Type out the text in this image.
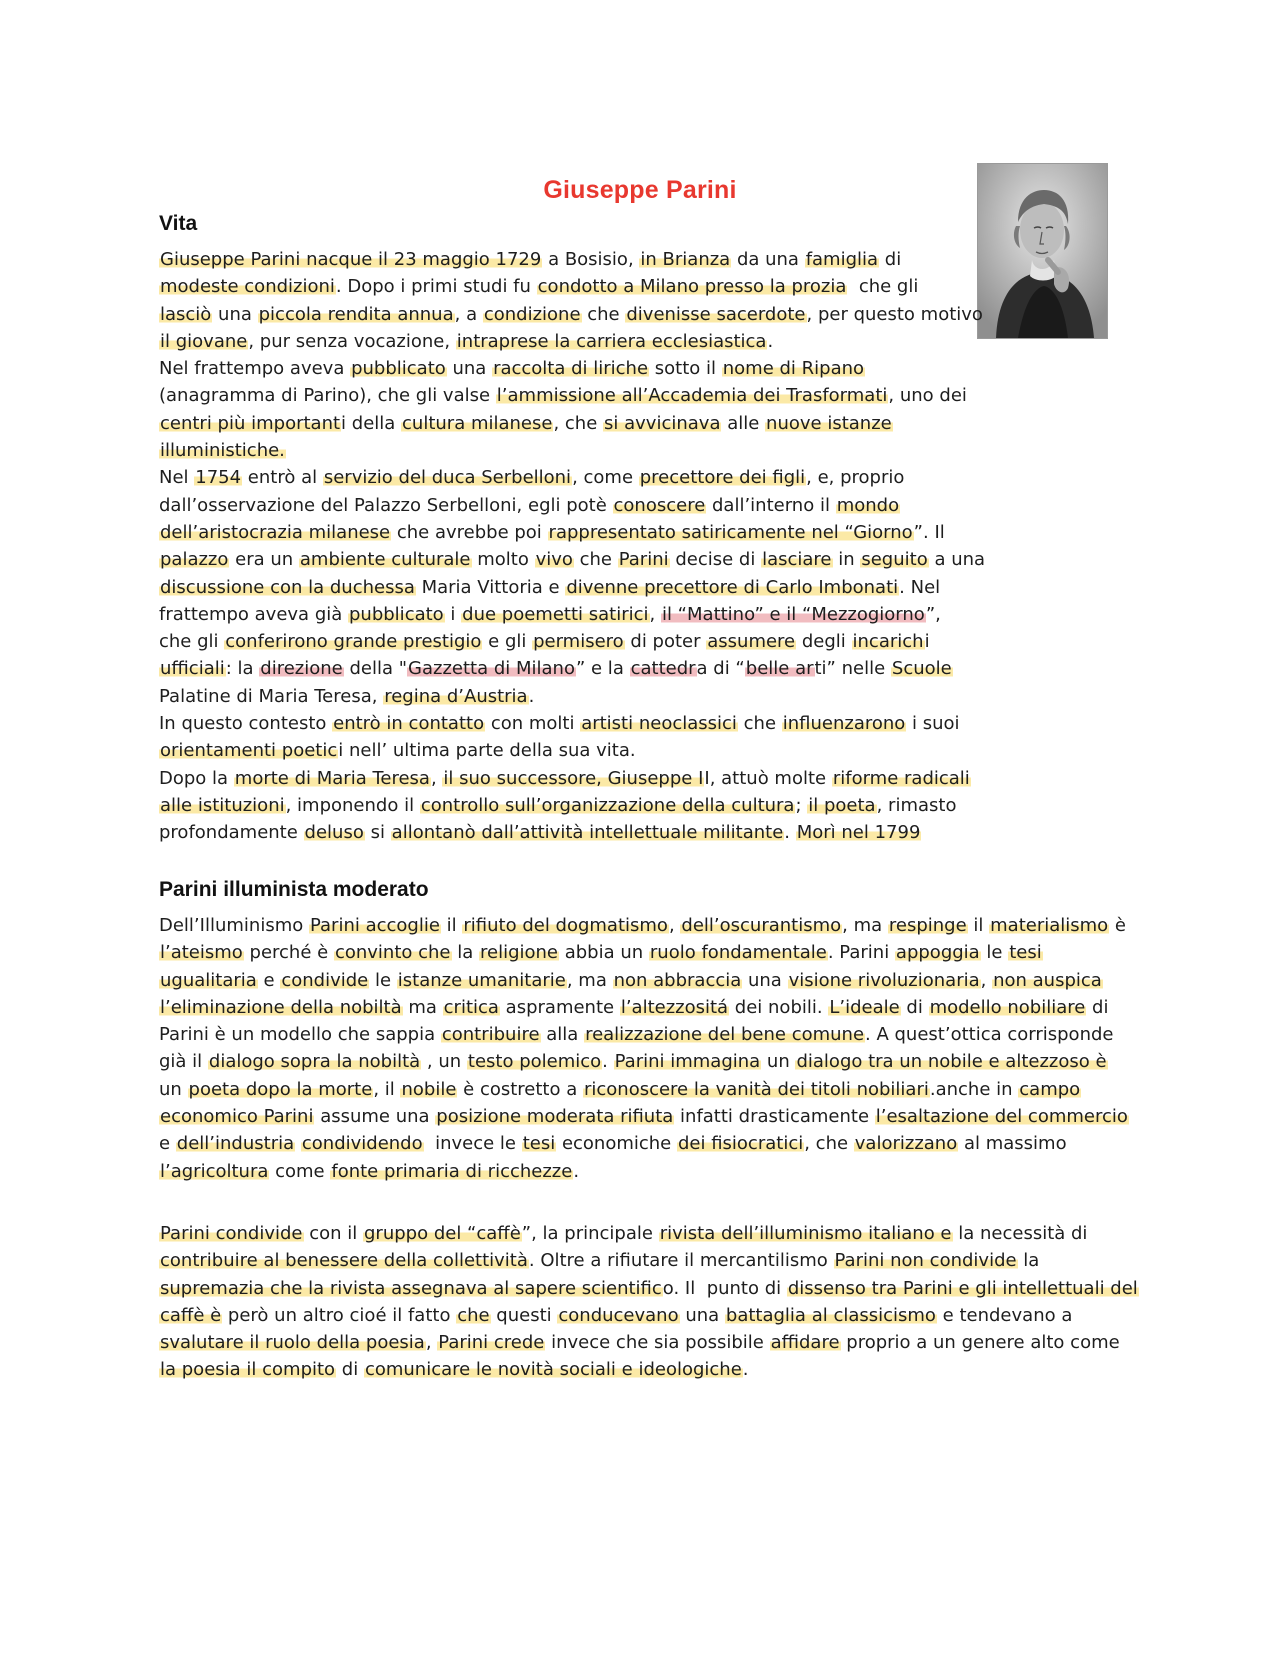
Giuseppe Parini
Vita
Giuseppe Parini nacque il 23 maggio 1729 a Bosisio, in Brianza da una famiglia di
modeste condizioni. Dopo i primi studi fu condotto a Milano presso la prozia  che gli
lasciò una piccola rendita annua, a condizione che divenisse sacerdote, per questo motivo
il giovane, pur senza vocazione, intraprese la carriera ecclesiastica.
Nel frattempo aveva pubblicato una raccolta di liriche sotto il nome di Ripano
(anagramma di Parino), che gli valse l’ammissione all’Accademia dei Trasformati, uno dei
centri più importanti della cultura milanese, che si avvicinava alle nuove istanze
illuministiche.
Nel 1754 entrò al servizio del duca Serbelloni, come precettore dei figli, e, proprio
dall’osservazione del Palazzo Serbelloni, egli potè conoscere dall’interno il mondo
dell’aristocrazia milanese che avrebbe poi rappresentato satiricamente nel “Giorno”. Il
palazzo era un ambiente culturale molto vivo che Parini decise di lasciare in seguito a una
discussione con la duchessa Maria Vittoria e divenne precettore di Carlo Imbonati. Nel
frattempo aveva già pubblicato i due poemetti satirici, il “Mattino” e il “Mezzogiorno”,
che gli conferirono grande prestigio e gli permisero di poter assumere degli incarichi
ufficiali: la direzione della "Gazzetta di Milano” e la cattedra di “belle arti” nelle Scuole
Palatine di Maria Teresa, regina d’Austria.
In questo contesto entrò in contatto con molti artisti neoclassici che influenzarono i suoi
orientamenti poetici nell’ ultima parte della sua vita.
Dopo la morte di Maria Teresa, il suo successore, Giuseppe II, attuò molte riforme radicali
alle istituzioni, imponendo il controllo sull’organizzazione della cultura; il poeta, rimasto
profondamente deluso si allontanò dall’attività intellettuale militante. Morì nel 1799
Parini illuminista moderato
Dell’Illuminismo Parini accoglie il rifiuto del dogmatismo, dell’oscurantismo, ma respinge il materialismo è
l’ateismo perché è convinto che la religione abbia un ruolo fondamentale. Parini appoggia le tesi
ugualitaria e condivide le istanze umanitarie, ma non abbraccia una visione rivoluzionaria, non auspica
l’eliminazione della nobiltà ma critica aspramente l’altezzositá dei nobili. L’ideale di modello nobiliare di
Parini è un modello che sappia contribuire alla realizzazione del bene comune. A quest’ottica corrisponde
già il dialogo sopra la nobiltà , un testo polemico. Parini immagina un dialogo tra un nobile e altezzoso è
un poeta dopo la morte, il nobile è costretto a riconoscere la vanità dei titoli nobiliari.anche in campo
economico Parini assume una posizione moderata rifiuta infatti drasticamente l’esaltazione del commercio
e dell’industria condividendo  invece le tesi economiche dei fisiocratici, che valorizzano al massimo
l’agricoltura come fonte primaria di ricchezze.
Parini condivide con il gruppo del “caffè”, la principale rivista dell’illuminismo italiano e la necessità di
contribuire al benessere della collettività. Oltre a rifiutare il mercantilismo Parini non condivide la
supremazia che la rivista assegnava al sapere scientifico. Il  punto di dissenso tra Parini e gli intellettuali del
caffè è però un altro cioé il fatto che questi conducevano una battaglia al classicismo e tendevano a
svalutare il ruolo della poesia, Parini crede invece che sia possibile affidare proprio a un genere alto come
la poesia il compito di comunicare le novità sociali e ideologiche.
